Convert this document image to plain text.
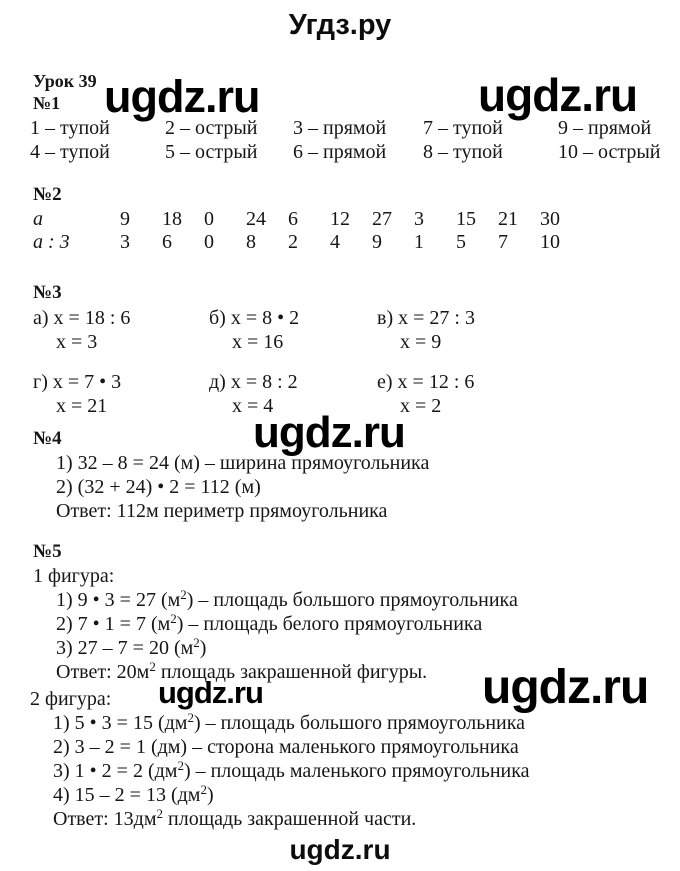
Угдз.ру
ugdz.ru	ugdz.ru
ugdz.ru
ugdz.ru	ugdz.ru
ugdz.ru
Урок 39
№1
1 – тупой	2 – острый	3 – прямой	7 – тупой	9 – прямой
4 – тупой	5 – острый	6 – прямой	8 – тупой	10 – острый
№2
a	9	18	0	24	6	12	27	3	15	21	30
a : 3	3	6	0	8	2	4	9	1	5	7	10
№3
а) х = 18 : 6
х = 3
б) х = 8 • 2
х = 16
в) х = 27 : 3
х = 9
г) х = 7 • 3
х = 21
д) х = 8 : 2
х = 4
е) х = 12 : 6
х = 2
№4
1) 32 – 8 = 24 (м) – ширина прямоугольника
2) (32 + 24) • 2 = 112 (м)
Ответ: 112м периметр прямоугольника
№5
1 фигура:
1) 9 • 3 = 27 $(м^2)$ – площадь большого прямоугольника
2) 7 • 1 = 7 $(м^2)$ – площадь белого прямоугольника
3) 27 – 7 = 20 $(м^2)$
Ответ: $20м^2$ площадь закрашенной фигуры.
2 фигура:
1) 5 • 3 = 15 $(дм^2)$ – площадь большого прямоугольника
2) 3 – 2 = 1 (дм) – сторона маленького прямоугольника
3) 1 • 2 = 2 $(дм^2)$ – площадь маленького прямоугольника
4) 15 – 2 = 13 $(дм^2)$
Ответ: $13дм^2$ площадь закрашенной части.
